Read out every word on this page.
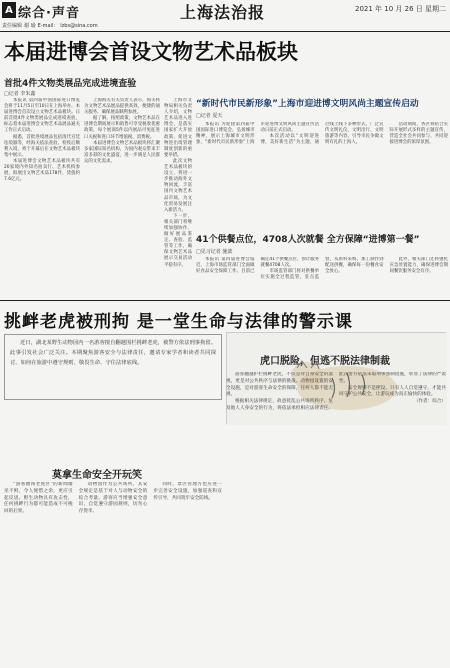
A 综合·声音	上海法治报	2021 年 10 月 26 日 星期二
责任编辑 谢 瑜 E-mail： lzbs@sina.com
本届进博会首设文物艺术品板块
首批4件文物类展品完成进境查验
□记者 李朱鑫

本报讯 第四届中国国际进口博览会将于11月5日至10日在上海举办。本届进博会首次设立文物艺术品板块。日前首批4件文物类展品完成进境查验，标志着本届进博会文物艺术品展品通关工作正式启动。

据悉，首批进境展品包括清代宫廷珐琅器等，经海关依法查验、检疫后顺利入境，将于开幕后在文物艺术品板块集中展示。

本届进博会文物艺术品板块共有20家境内外知名拍卖行、艺术机构参展，拟展出文物艺术品178件，货值约7.6亿元。

上海海关有关负责人表示，海关将为文物艺术品展品提供高效、便捷的通关服务，确保展品顺利参展。

据了解，按照政策，文物艺术品在进博会期间展示和销售可享受税收优惠政策，每个展商5件以内展品可免征进口关税和进口环节增值税、消费税。

本届进博会文物艺术品板块将汇聚多家国际知名机构，为国内观众带来丰富多彩的文化盛宴，进一步满足人民群众的文化需求。

“新时代市民新形象”上海市迎进博文明风尚主题宣传启动
□记者 夏天

本报讯 为迎接第四届中国国际进口博览会，弘扬城市精神，展示上海城市文明形象，“新时代市民新形象”上海市迎进博文明风尚主题宣传活动日前正式启动。

本次活动以“文明迎进博，美好新生活”为主题，通过线上线下多种形式，广泛宣传文明礼仪、文明出行、文明旅游等内容，引导市民争做文明有礼的上海人。

活动期间，各区将结合实际开展形式多样的主题宣传，营造全社会共同参与、共同迎接进博会的浓厚氛围。

上海市文物局相关负责人介绍，文物艺术品进入进博会，是落实国家扩大开放政策、促进文物进出境管理制度创新的重要举措。

此次文物艺术品板块的设立，将进一步推动海外文物回流，丰富国内文物艺术品市场，为文化贸易发展注入新活力。

下一步，相关部门将继续加强协作，做好展品鉴定、查验、监管等工作，确保文物艺术品展示交易活动平稳有序。

41个供餐点位，4708人次就餐 全方保障“进博第一餐”
□见习记者 施歆

本报讯 第四届进博会临近，上海市场监管部门全面做好食品安全保障工作。目前已确定41个供餐点位，预计服务就餐4708人次。

市场监管部门将对供餐单位实施全过程监管，驻点监督，从原料采购、加工制作到配送供餐，确保每一份餐食安全放心。

此外，相关部门还将强化应急处置能力，确保进博会期间餐饮服务安全有序。

挑衅老虎被刑拘 是一堂生命与法律的警示课
近日，湖北某野生动物园内一名游客擅自翻越围栏挑衅老虎，被警方依法刑事拘留。此事引发社会广泛关注。本期聚焦游客安全与法律责任，邀请专家学者和读者共同探讨，如何在旅游中遵守规则、敬畏生命、守住法律底线。	虎口脱险，但逃不脱法律制裁

游客翻越护栏挑衅老虎，不仅是对自身安全的漠视，更是对公共秩序与法律的挑战。动物园设置的安全设施，是对游客生命安全的保障，任何人都不能无视。

根据相关法律规定，故意扰乱公共场所秩序、危及他人人身安全的行为，将依法承担相应法律责任。此次警方依法采取刑事强制措施，彰显了法律的严肃性。

安全规则不是摆设。只有人人自觉遵守，才能共同守护公共安全，让游玩成为真正愉快的体验。

（作者：综合）

莫拿生命安全开玩笑

“游客擅闯老虎区”的新闻屡见不鲜，令人惋惜之余，更应引起反思。野生动物具有攻击性，任何挑衅行为都可能造成不可挽回的后果。

动物园作为公共场所，其安全规定是基于对人与动物安全的综合考量。游客应当增强安全意识，自觉遵守游园规则，切勿心存侥幸。

同时，景区管理方也应进一步完善安全设施，加强巡查和宣传引导，共同筑牢安全防线。
